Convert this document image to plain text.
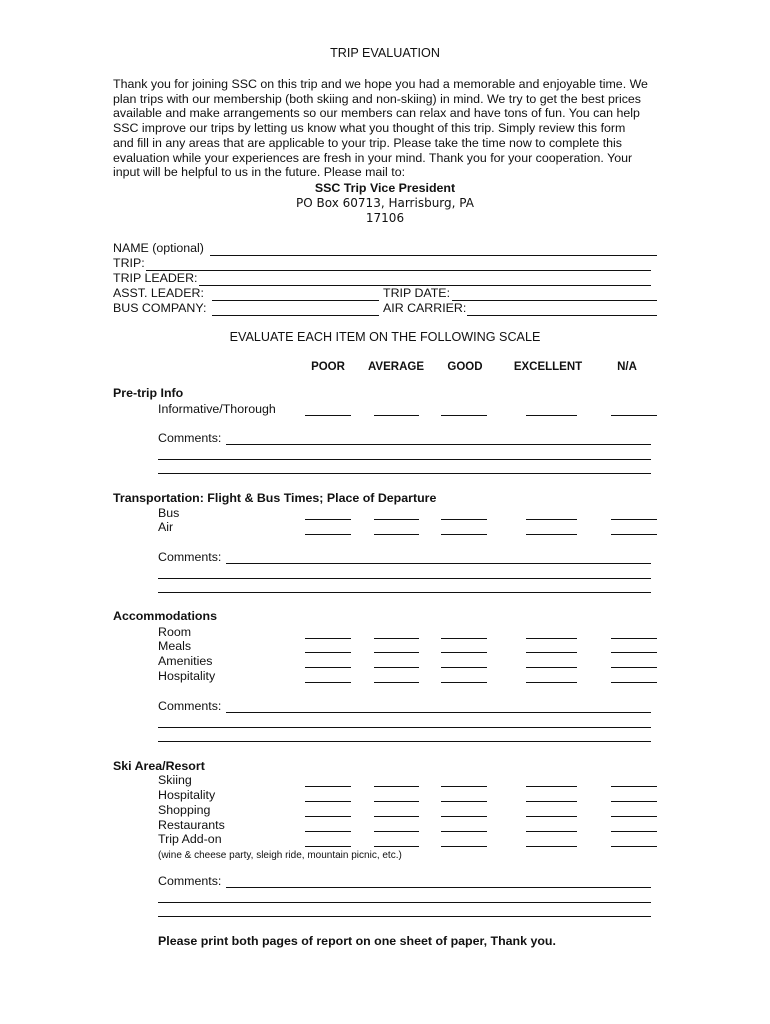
TRIP EVALUATION

Thank you for joining SSC on this trip and we hope you had a memorable and enjoyable time. We

plan trips with our membership (both skiing and non-skiing) in mind. We try to get the best prices

available and make arrangements so our members can relax and have tons of fun. You can help

SSC improve our trips by letting us know what you thought of this trip. Simply review this form

and fill in any areas that are applicable to your trip. Please take the time now to complete this

evaluation while your experiences are fresh in your mind. Thank you for your cooperation. Your

input will be helpful to us in the future. Please mail to:

SSC Trip Vice President
PO Box 60713, Harrisburg, PA
17106
NAME (optional)
TRIP:
TRIP LEADER:
ASST. LEADER:	TRIP DATE:
BUS COMPANY:	AIR CARRIER:
EVALUATE EACH ITEM ON THE FOLLOWING SCALE
POOR	AVERAGE	GOOD	EXCELLENT	N/A
Pre-trip Info
Informative/Thorough
Comments:
Transportation: Flight & Bus Times; Place of Departure
Bus
Air
Comments:
Accommodations
Room
Meals
Amenities
Hospitality
Comments:
Ski Area/Resort
Skiing
Hospitality
Shopping
Restaurants
Trip Add-on
(wine & cheese party, sleigh ride, mountain picnic, etc.)
Comments:
Please print both pages of report on one sheet of paper, Thank you.
